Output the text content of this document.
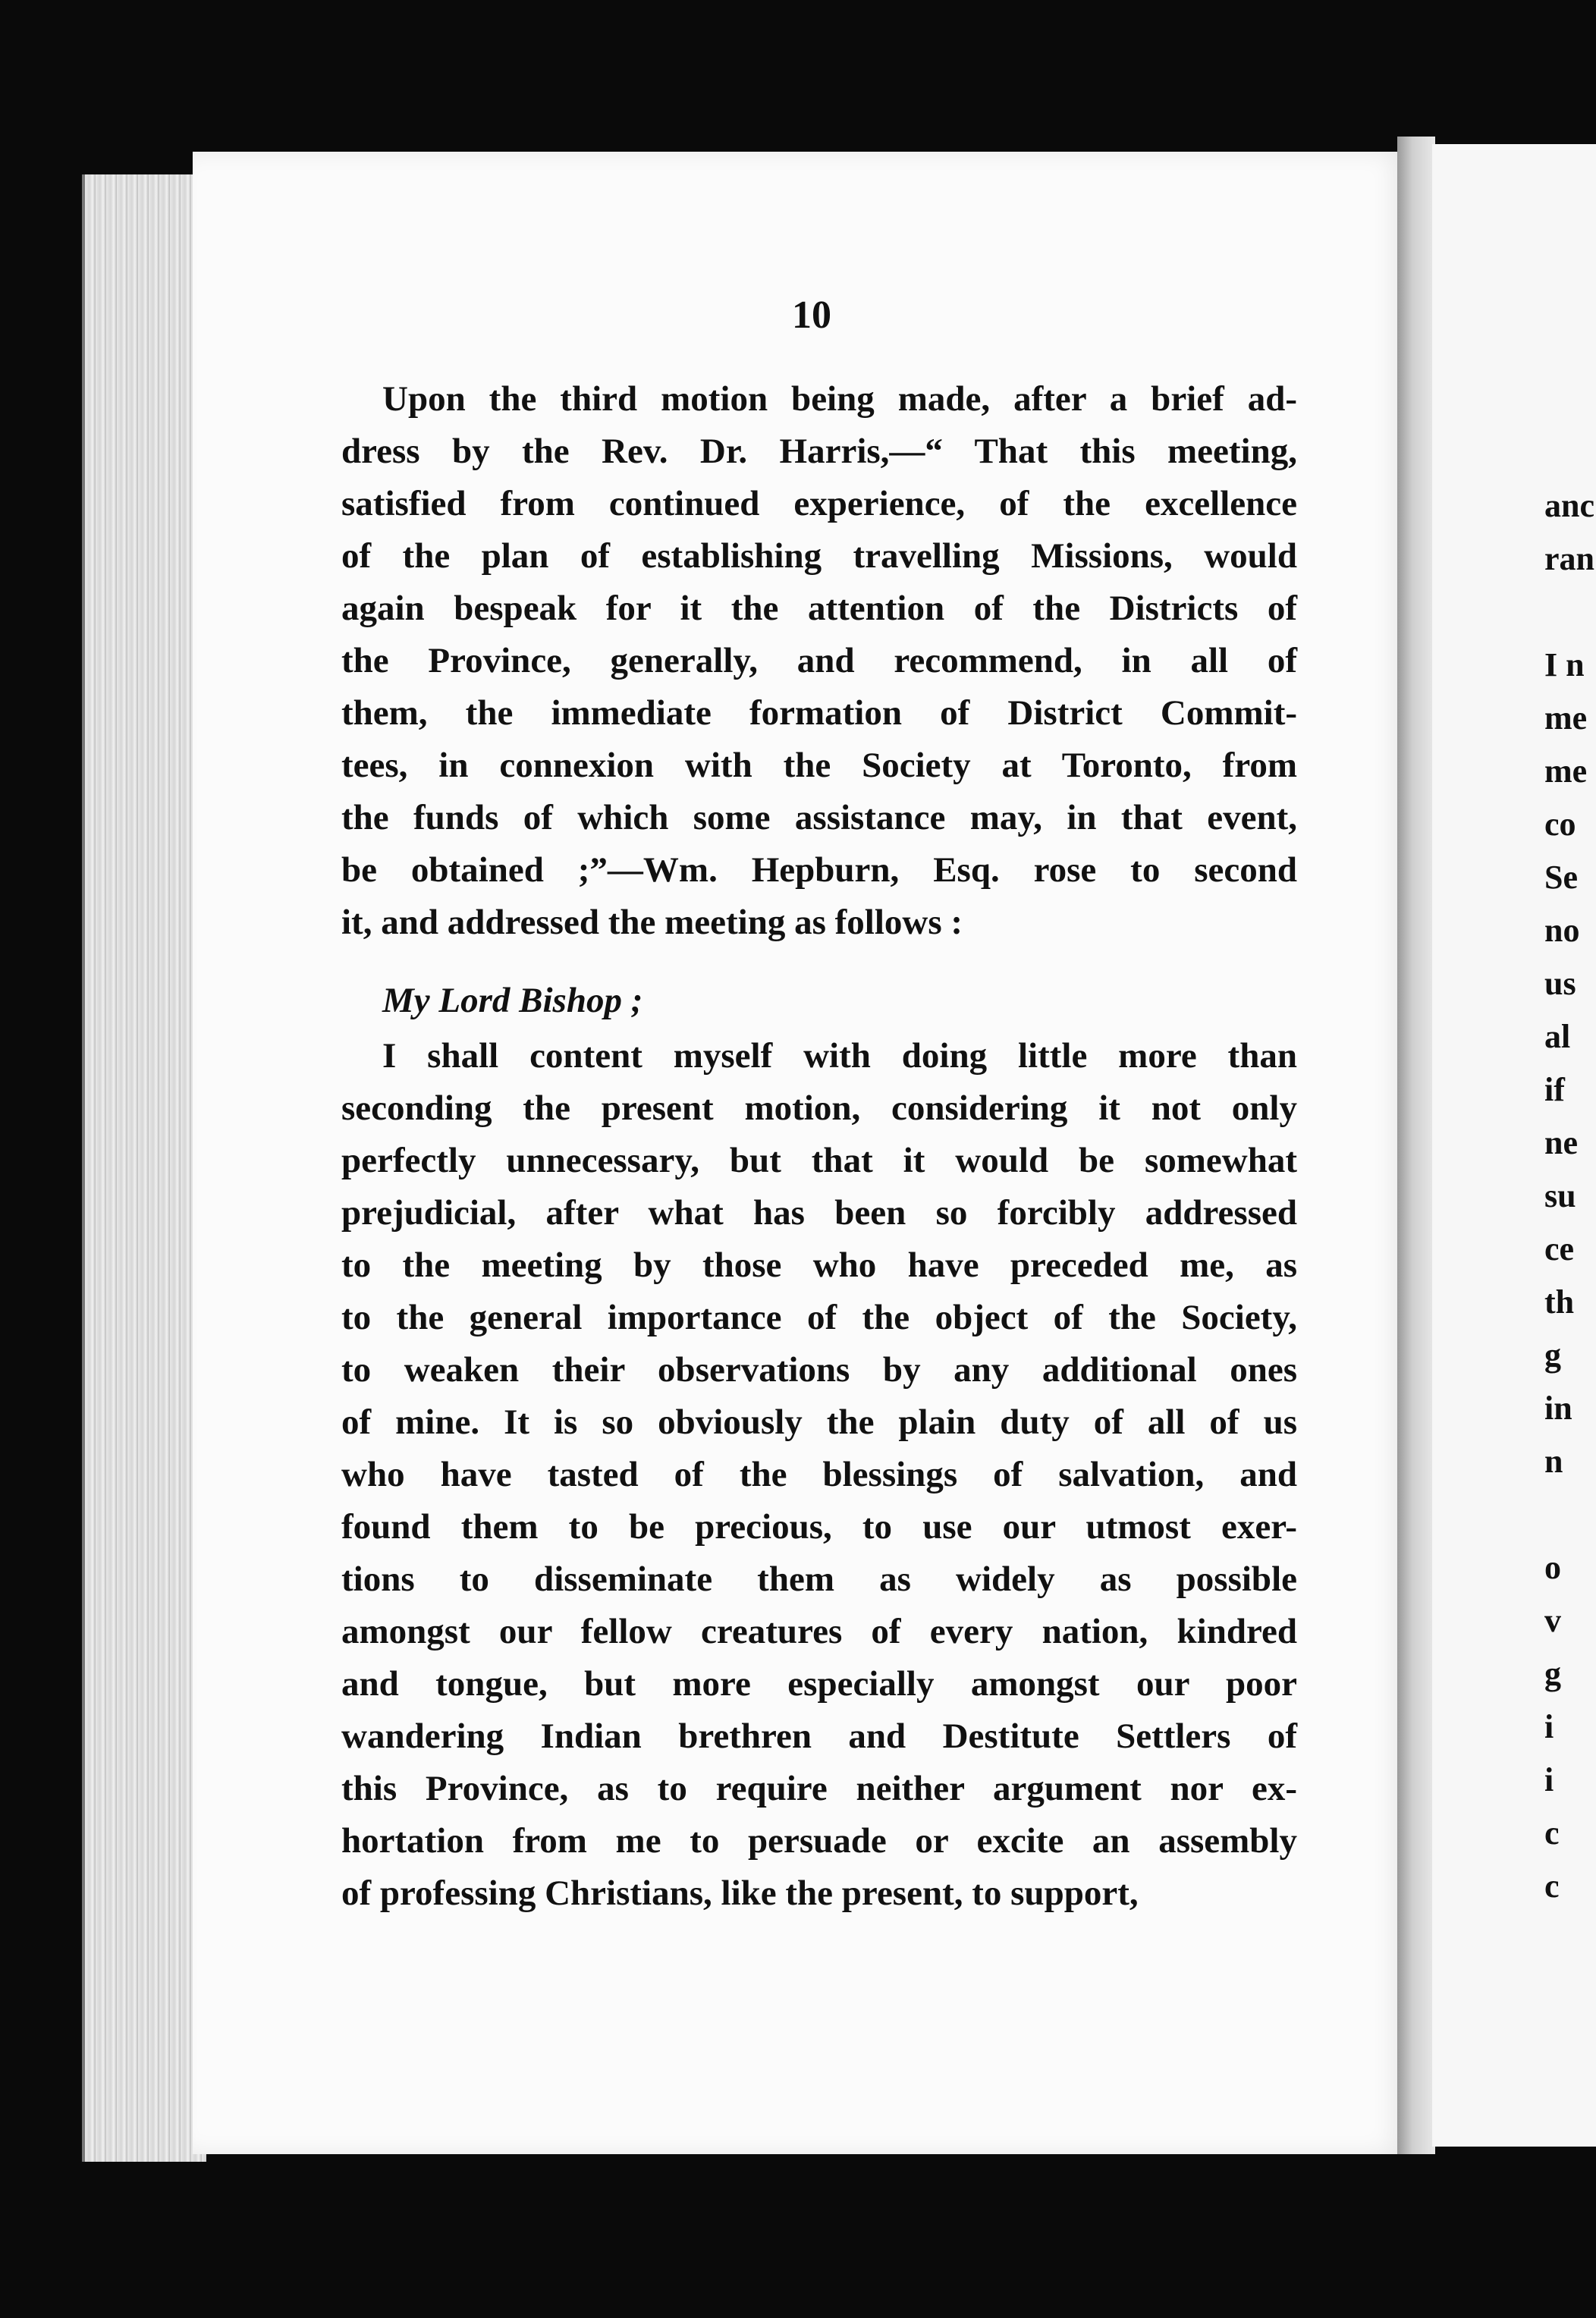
anc
ran
I n
me
me
co
Se
no
us
al
if
ne
su
ce
th
g
in
n
o
v
g
i
i
c
c
10
Upon the third motion being made, after a brief ad-
dress by the Rev. Dr. Harris,—“ That this meeting,
satisfied from continued experience, of the excellence
of the plan of establishing travelling Missions, would
again bespeak for it the attention of the Districts of
the Province, generally, and recommend, in all of
them, the immediate formation of District Commit-
tees, in connexion with the Society at Toronto, from
the funds of which some assistance may, in that event,
be obtained ;”—Wm. Hepburn, Esq. rose to second
it, and addressed the meeting as follows :
My Lord Bishop ;
I shall content myself with doing little more than
seconding the present motion, considering it not only
perfectly unnecessary, but that it would be somewhat
prejudicial, after what has been so forcibly addressed
to the meeting by those who have preceded me, as
to the general importance of the object of the Society,
to weaken their observations by any additional ones
of mine. It is so obviously the plain duty of all of us
who have tasted of the blessings of salvation, and
found them to be precious, to use our utmost exer-
tions to disseminate them as widely as possible
amongst our fellow creatures of every nation, kindred
and tongue, but more especially amongst our poor
wandering Indian brethren and Destitute Settlers of
this Province, as to require neither argument nor ex-
hortation from me to persuade or excite an assembly
of professing Christians, like the present, to support,
